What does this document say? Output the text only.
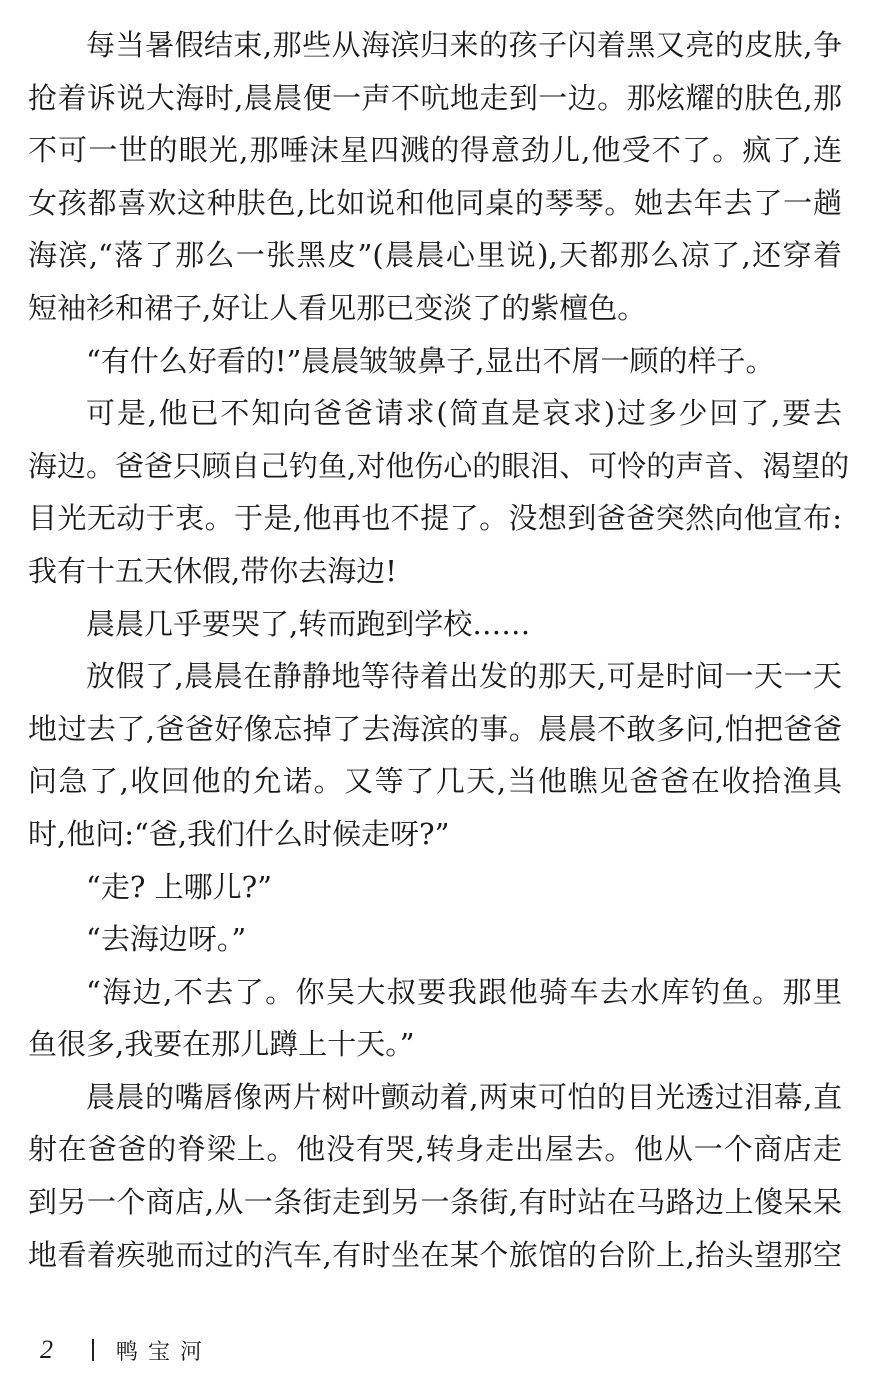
每当暑假结束,那些从海滨归来的孩子闪着黑又亮的皮肤,争
抢着诉说大海时,晨晨便一声不吭地走到一边。那炫耀的肤色,那
不可一世的眼光,那唾沫星四溅的得意劲儿,他受不了。疯了,连
女孩都喜欢这种肤色,比如说和他同桌的琴琴。她去年去了一趟
海滨,“落了那么一张黑皮”(晨晨心里说),天都那么凉了,还穿着
短袖衫和裙子,好让人看见那已变淡了的紫檀色。
“有什么好看的!”晨晨皱皱鼻子,显出不屑一顾的样子。
可是,他已不知向爸爸请求(简直是哀求)过多少回了,要去
海边。爸爸只顾自己钓鱼,对他伤心的眼泪、可怜的声音、渴望的
目光无动于衷。于是,他再也不提了。没想到爸爸突然向他宣布:
我有十五天休假,带你去海边!
晨晨几乎要哭了,转而跑到学校……
放假了,晨晨在静静地等待着出发的那天,可是时间一天一天
地过去了,爸爸好像忘掉了去海滨的事。晨晨不敢多问,怕把爸爸
问急了,收回他的允诺。又等了几天,当他瞧见爸爸在收拾渔具
时,他问:“爸,我们什么时候走呀?”
“走? 上哪儿?”
“去海边呀。”
“海边,不去了。你吴大叔要我跟他骑车去水库钓鱼。那里
鱼很多,我要在那儿蹲上十天。”
晨晨的嘴唇像两片树叶颤动着,两束可怕的目光透过泪幕,直
射在爸爸的脊梁上。他没有哭,转身走出屋去。他从一个商店走
到另一个商店,从一条街走到另一条街,有时站在马路边上傻呆呆
地看着疾驰而过的汽车,有时坐在某个旅馆的台阶上,抬头望那空
2	鸭宝河
